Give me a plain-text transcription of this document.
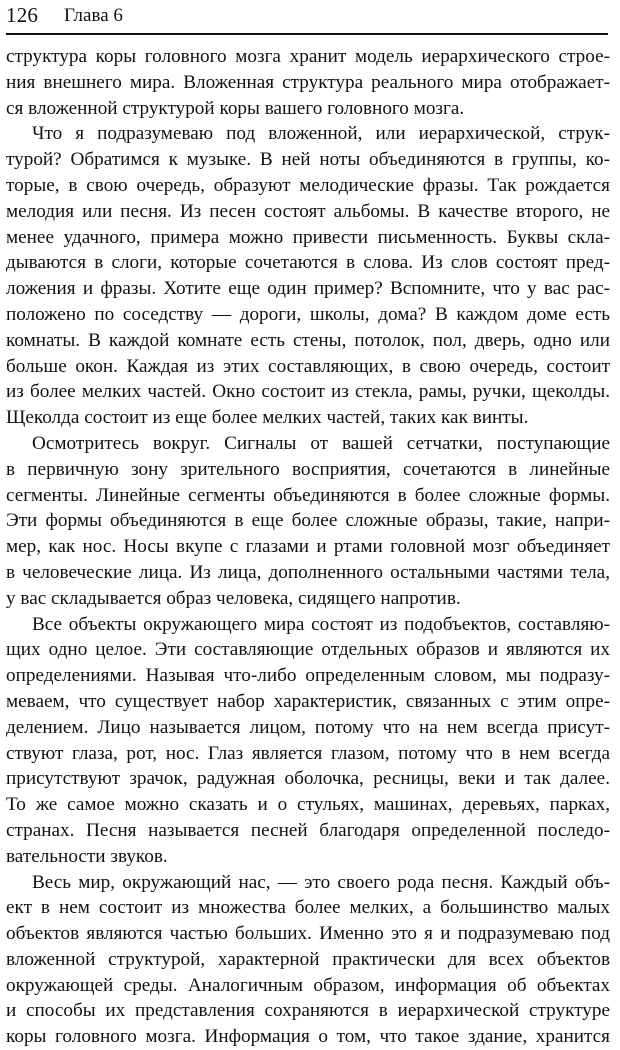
126 Глава 6
структура коры головного мозга хранит модель иерархического строе-
ния внешнего мира. Вложенная структура реального мира отображает-
ся вложенной структурой коры вашего головного мозга.
Что я подразумеваю под вложенной, или иерархической, струк-
турой? Обратимся к музыке. В ней ноты объединяются в группы, ко-
торые, в свою очередь, образуют мелодические фразы. Так рождается
мелодия или песня. Из песен состоят альбомы. В качестве второго, не
менее удачного, примера можно привести письменность. Буквы скла-
дываются в слоги, которые сочетаются в слова. Из слов состоят пред-
ложения и фразы. Хотите еще один пример? Вспомните, что у вас рас-
положено по соседству — дороги, школы, дома? В каждом доме есть
комнаты. В каждой комнате есть стены, потолок, пол, дверь, одно или
больше окон. Каждая из этих составляющих, в свою очередь, состоит
из более мелких частей. Окно состоит из стекла, рамы, ручки, щеколды.
Щеколда состоит из еще более мелких частей, таких как винты.
Осмотритесь вокруг. Сигналы от вашей сетчатки, поступающие
в первичную зону зрительного восприятия, сочетаются в линейные
сегменты. Линейные сегменты объединяются в более сложные формы.
Эти формы объединяются в еще более сложные образы, такие, напри-
мер, как нос. Носы вкупе с глазами и ртами головной мозг объединяет
в человеческие лица. Из лица, дополненного остальными частями тела,
у вас складывается образ человека, сидящего напротив.
Все объекты окружающего мира состоят из подобъектов, составляю-
щих одно целое. Эти составляющие отдельных образов и являются их
определениями. Называя что-либо определенным словом, мы подразу-
меваем, что существует набор характеристик, связанных с этим опре-
делением. Лицо называется лицом, потому что на нем всегда присут-
ствуют глаза, рот, нос. Глаз является глазом, потому что в нем всегда
присутствуют зрачок, радужная оболочка, ресницы, веки и так далее.
То же самое можно сказать и о стульях, машинах, деревьях, парках,
странах. Песня называется песней благодаря определенной последо-
вательности звуков.
Весь мир, окружающий нас, — это своего рода песня. Каждый объ-
ект в нем состоит из множества более мелких, а большинство малых
объектов являются частью больших. Именно это я и подразумеваю под
вложенной структурой, характерной практически для всех объектов
окружающей среды. Аналогичным образом, информация об объектах
и способы их представления сохраняются в иерархической структуре
коры головного мозга. Информация о том, что такое здание, хранится
